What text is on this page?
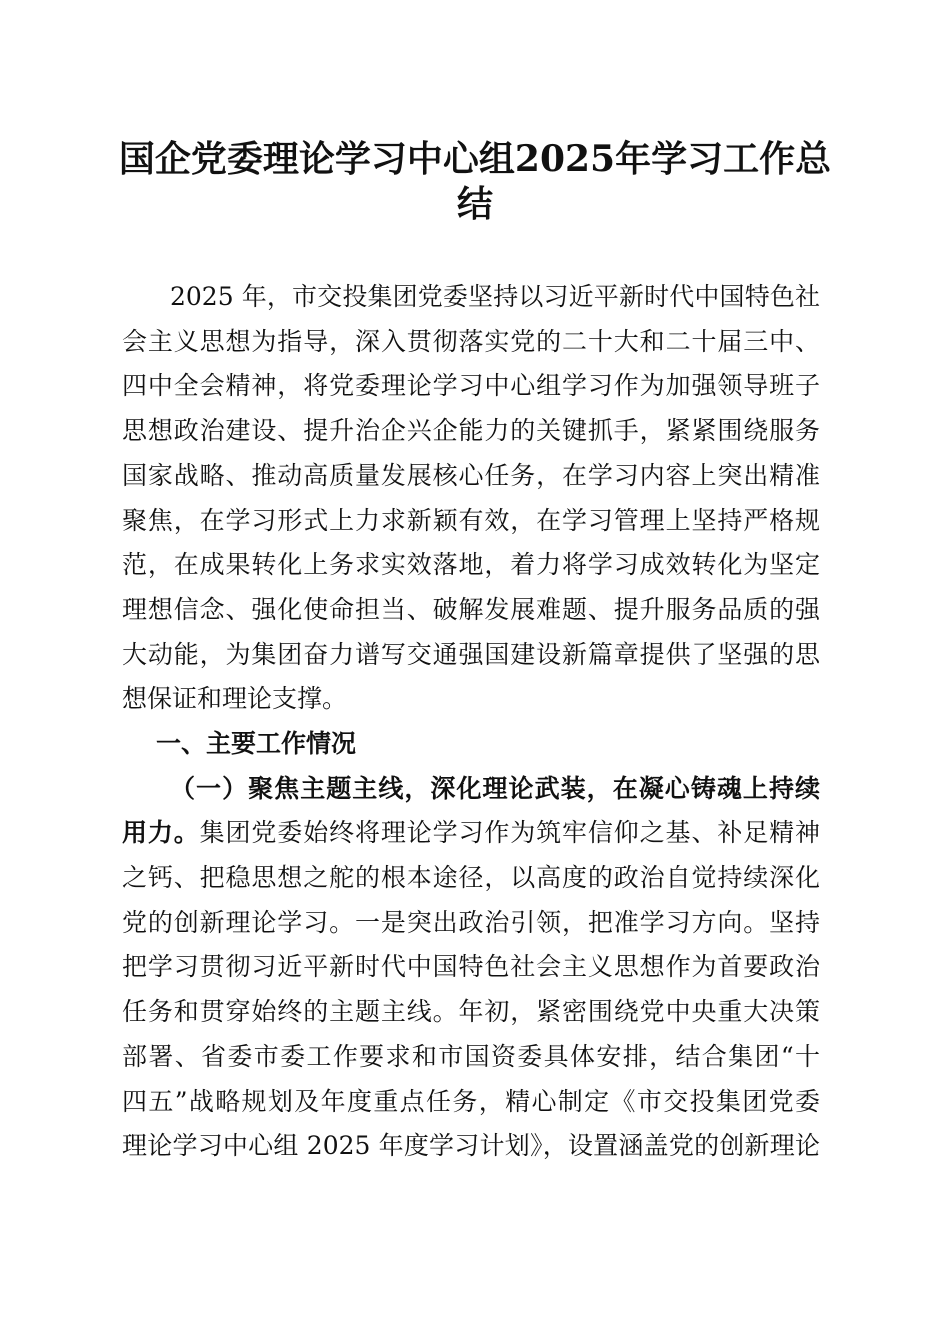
国企党委理论学习中心组2025年学习工作总
结
2025 年，市交投集团党委坚持以习近平新时代中国特色社
会主义思想为指导，深入贯彻落实党的二十大和二十届三中、
四中全会精神，将党委理论学习中心组学习作为加强领导班子
思想政治建设、提升治企兴企能力的关键抓手，紧紧围绕服务
国家战略、推动高质量发展核心任务，在学习内容上突出精准
聚焦，在学习形式上力求新颖有效，在学习管理上坚持严格规
范，在成果转化上务求实效落地，着力将学习成效转化为坚定
理想信念、强化使命担当、破解发展难题、提升服务品质的强
大动能，为集团奋力谱写交通强国建设新篇章提供了坚强的思
想保证和理论支撑。
一、主要工作情况
（一）聚焦主题主线，深化理论武装，在凝心铸魂上持续
用力。集团党委始终将理论学习作为筑牢信仰之基、补足精神
之钙、把稳思想之舵的根本途径，以高度的政治自觉持续深化
党的创新理论学习。一是突出政治引领，把准学习方向。坚持
把学习贯彻习近平新时代中国特色社会主义思想作为首要政治
任务和贯穿始终的主题主线。年初，紧密围绕党中央重大决策
部署、省委市委工作要求和市国资委具体安排，结合集团“十
四五”战略规划及年度重点任务，精心制定《市交投集团党委
理论学习中心组 2025 年度学习计划》，设置涵盖党的创新理论
